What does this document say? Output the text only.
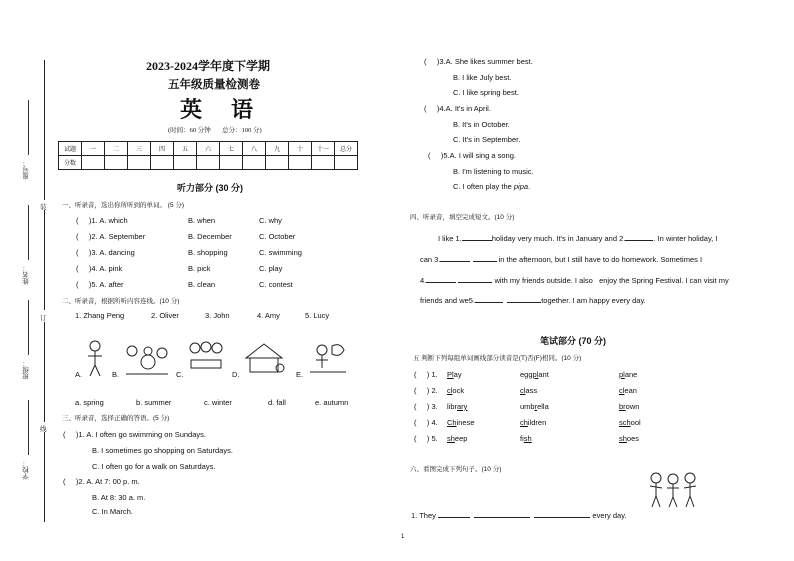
装
订
线
座号：
姓名：
班级：
学校：
2023-2024学年度下学期
五年级质量检测卷
英  语
(时间：60 分钟       总分：100 分)
试题	一	二	三	四	五	六	七	八	九	十	十一	总分
分数												
听力部分 (30 分)
一、听录音，选出你所听到的单词。 (5 分)
(     )1. A. which	B. when	C. why
(     )2. A. September	B. December	C. October
(     )3. A. dancing	B. shopping	C. swimming
(     )4. A. pink	B. pick	C. play
(     )5. A. after	B. clean	C. contest
二、听录音，根据所听内容连线。(10 分)
1. Zhang Peng	2. Oliver	3. John	4. Amy	5. Lucy
A.	B.	C.	D.	E.
a. spring	b. summer	c. winter	d. fall	e. autumn
三、听录音，选择正确的答语。(5 分)
(     )1. A. I often go swimming on Sundays.
B. I sometimes go shopping on Saturdays.
C. I often go for a walk on Saturdays.
(     )2. A. At 7: 00 p. m.
B. At 8: 30 a. m.
C. In March.
(     )3.A. She likes summer best.
B. I like July best.
C. I like spring best.
(     )4.A. It's in April.
B. It's in October.
C. It's in September.
(     )5.A. I will sing a song.
B. I'm listening to music.
C. I often play the pipa.
四、听录音，填空完成短文。(10 分)
I like 1.	holiday very much. It's in January and 2.	. In winter holiday, I
can 3.	in the afternoon, but I still have to do homework. Sometimes I
4.	with my friends outside. I also   enjoy the Spring Festival. I can visit my
friends and we5.	together. I am happy every day.
笔试部分 (70 分)
五 判断下列每组单词画线部分读音是(T)否(F)相同。(10 分)
(     ) 1. Play	eggplant	plane
(     ) 2. clock	class	clean
(     ) 3. library	umbrella	brown
(     ) 4. Chinese	children	school
(     ) 5. sheep	fish	shoes
六、看图完成下列句子。(10 分)
1. They	every day.
1
